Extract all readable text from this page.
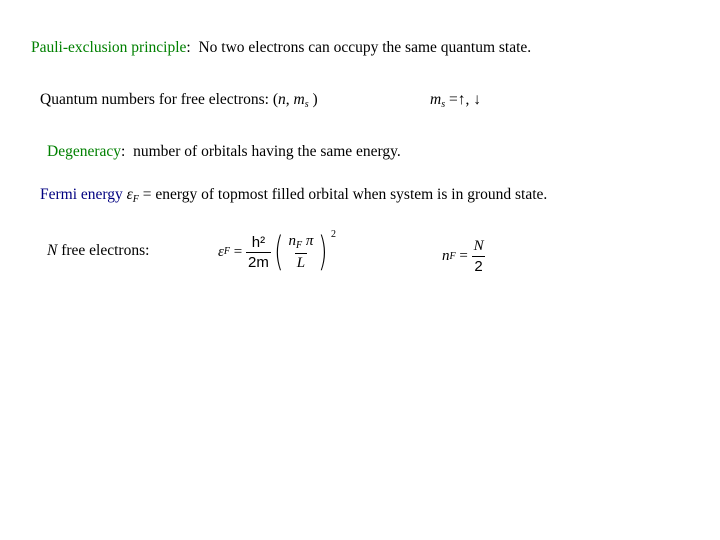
Pauli-exclusion principle:  No two electrons can occupy the same quantum state.
Quantum numbers for free electrons: (n, $m_s$ )	$m_s$ =↑, ↓
Degeneracy:  number of orbitals having the same energy.
Fermi energy $\varepsilon_F$ = energy of topmost filled orbital when system is in ground state.
N free electrons:	ε $F = \frac{\text{h²}}{2m}$ ( $\frac{n_F \pi}{L}$ ) 2
n $F = \frac{N}{2}$
